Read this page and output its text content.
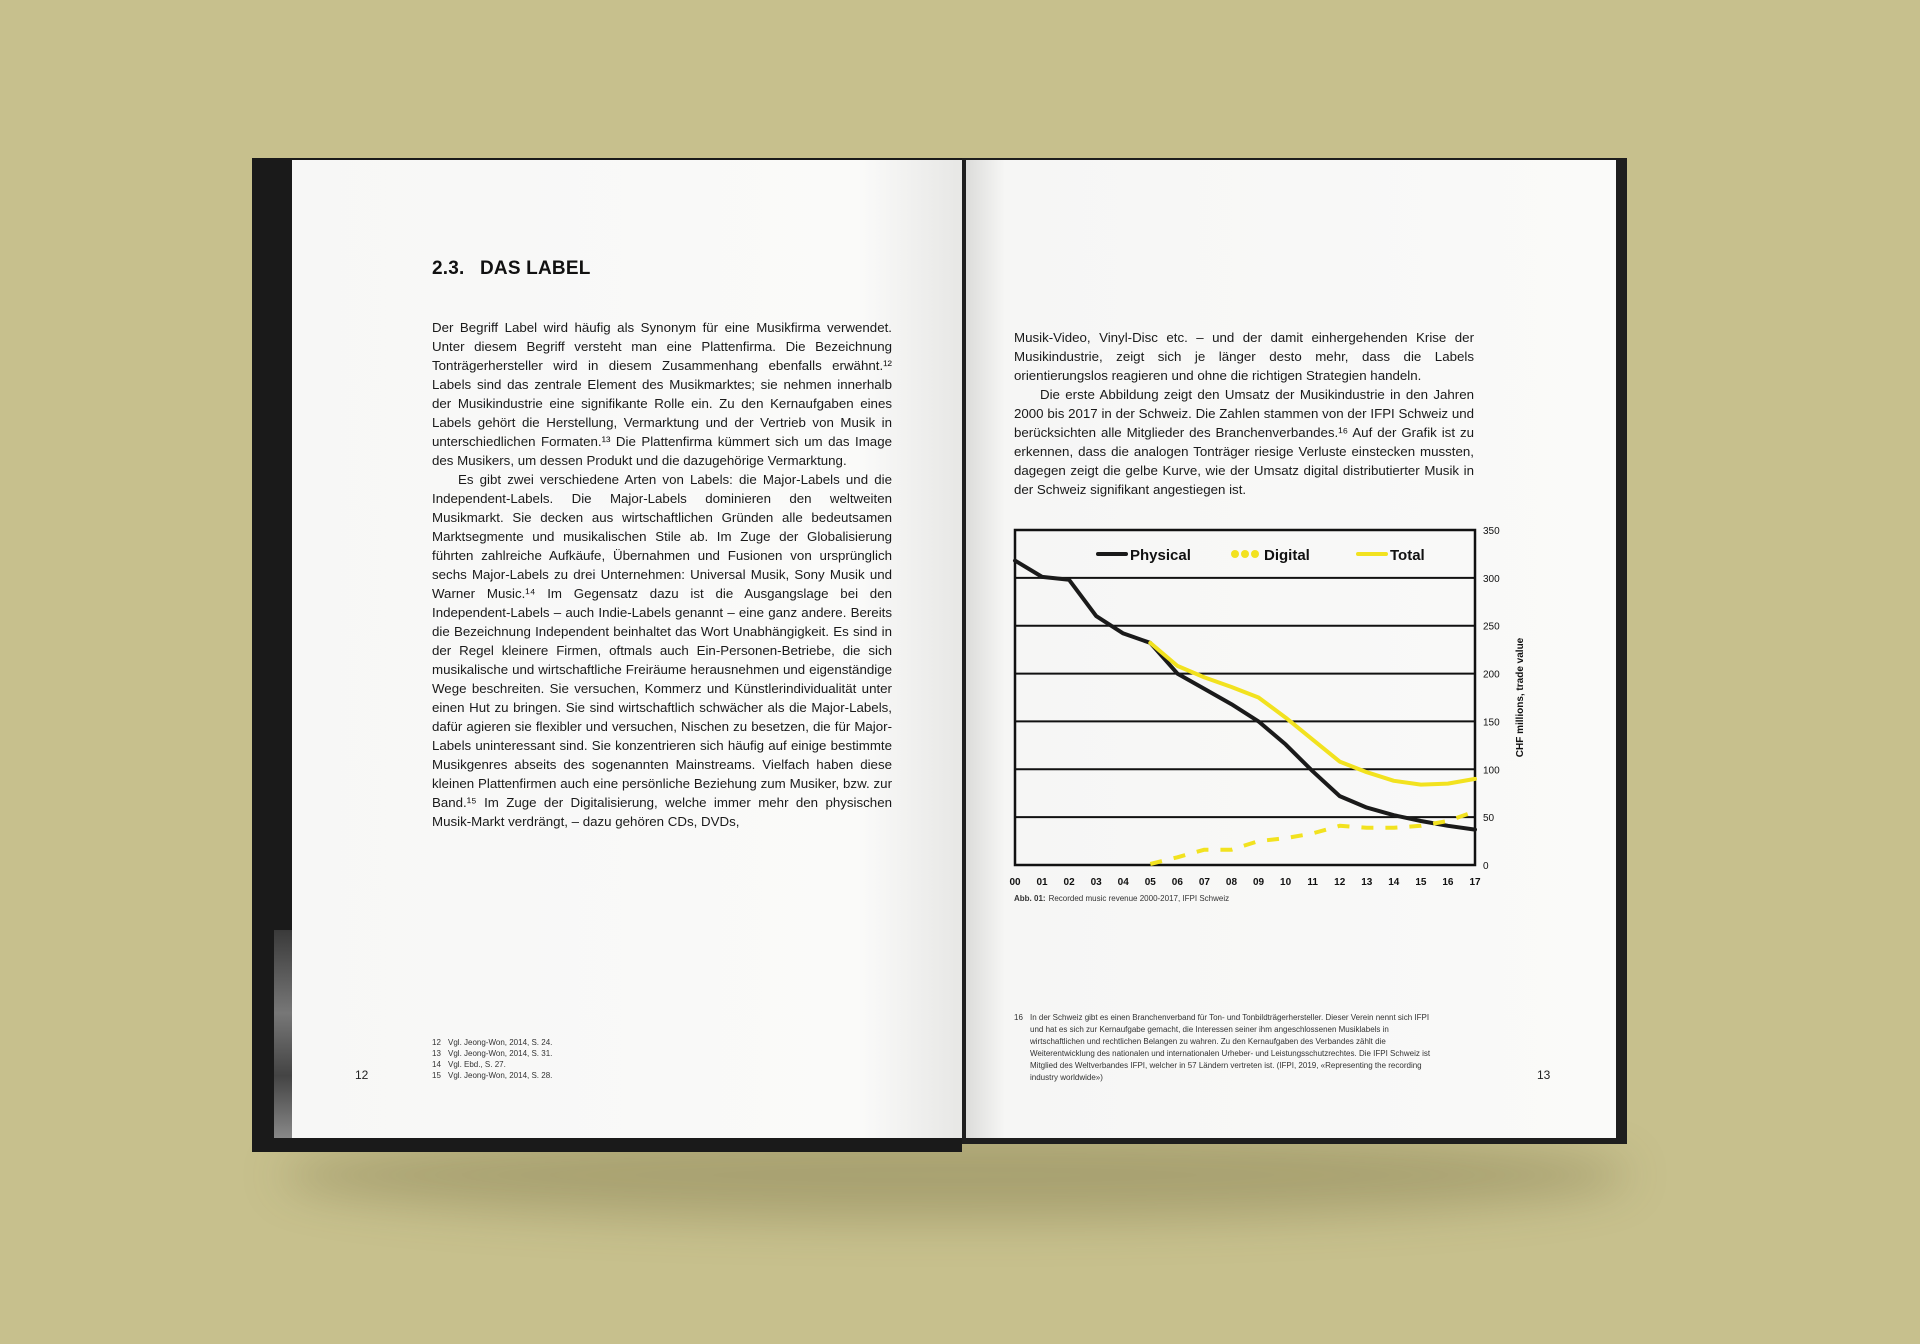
2.3. DAS LABEL

Der Begriff Label wird häufig als Synonym für eine Musikfirma verwendet. Unter diesem Begriff versteht man eine Plattenfirma. Die Bezeichnung Tonträgerhersteller wird in diesem Zusammenhang ebenfalls erwähnt.¹² Labels sind das zentrale Element des Musikmarktes; sie nehmen innerhalb der Musikindustrie eine signifikante Rolle ein. Zu den Kernaufgaben eines Labels gehört die Herstellung, Vermarktung und der Vertrieb von Musik in unterschiedlichen Formaten.¹³ Die Plattenfirma kümmert sich um das Image des Musikers, um dessen Produkt und die dazugehörige Vermarktung.

Es gibt zwei verschiedene Arten von Labels: die Major-Labels und die Independent-Labels. Die Major-Labels dominieren den weltweiten Musikmarkt. Sie decken aus wirtschaftlichen Gründen alle bedeutsamen Marktsegmente und musikalischen Stile ab. Im Zuge der Globalisierung führten zahlreiche Aufkäufe, Übernahmen und Fusionen von ursprünglich sechs Major-Labels zu drei Unternehmen: Universal Musik, Sony Musik und Warner Music.¹⁴ Im Gegensatz dazu ist die Ausgangslage bei den Independent-Labels – auch Indie-Labels genannt – eine ganz andere. Bereits die Bezeichnung Independent beinhaltet das Wort Unabhängigkeit. Es sind in der Regel kleinere Firmen, oftmals auch Ein-Personen-Betriebe, die sich musikalische und wirtschaftliche Freiräume herausnehmen und eigenständige Wege beschreiten. Sie versuchen, Kommerz und Künstlerindividualität unter einen Hut zu bringen. Sie sind wirtschaftlich schwächer als die Major-Labels, dafür agieren sie flexibler und versuchen, Nischen zu besetzen, die für Major-Labels uninteressant sind. Sie konzentrieren sich häufig auf einige bestimmte Musikgenres abseits des sogenannten Mainstreams. Vielfach haben diese kleinen Plattenfirmen auch eine persönliche Beziehung zum Musiker, bzw. zur Band.¹⁵ Im Zuge der Digitalisierung, welche immer mehr den physischen Musik-Markt verdrängt, – dazu gehören CDs, DVDs,

12 Vgl. Jeong-Won, 2014, S. 24.
13 Vgl. Jeong-Won, 2014, S. 31.
14 Vgl. Ebd., S. 27.
15 Vgl. Jeong-Won, 2014, S. 28.
12

Musik-Video, Vinyl-Disc etc. – und der damit einhergehenden Krise der Musikindustrie, zeigt sich je länger desto mehr, dass die Labels orientierungslos reagieren und ohne die richtigen Strategien handeln.

Die erste Abbildung zeigt den Umsatz der Musikindustrie in den Jahren 2000 bis 2017 in der Schweiz. Die Zahlen stammen von der IFPI Schweiz und berücksichten alle Mitglieder des Branchenverbandes.¹⁶ Auf der Grafik ist zu erkennen, dass die analogen Tonträger riesige Verluste einstecken mussten, dagegen zeigt die gelbe Kurve, wie der Umsatz digital distributierter Musik in der Schweiz signifikant angestiegen ist.

0
50
100
150
200
250
300
350
00 01 02 03 04 05 06 07 08 09 10 11 12 13 14 15 16 17
CHF millions, trade value
Physical	Digital	Total
Abb. 01: Recorded music revenue 2000-2017, IFPI Schweiz
16 In der Schweiz gibt es einen Branchenverband für Ton- und Tonbildträgerhersteller. Dieser Verein nennt sich IFPI und hat es sich zur Kernaufgabe gemacht, die Interessen seiner ihm angeschlossenen Musiklabels in wirtschaftlichen und rechtlichen Belangen zu wahren. Zu den Kernaufgaben des Verbandes zählt die Weiterentwicklung des nationalen und internationalen Urheber- und Leistungsschutzrechtes. Die IFPI Schweiz ist Mitglied des Weltverbandes IFPI, welcher in 57 Ländern vertreten ist. (IFPI, 2019, «Representing the recording industry worldwide»)	13
